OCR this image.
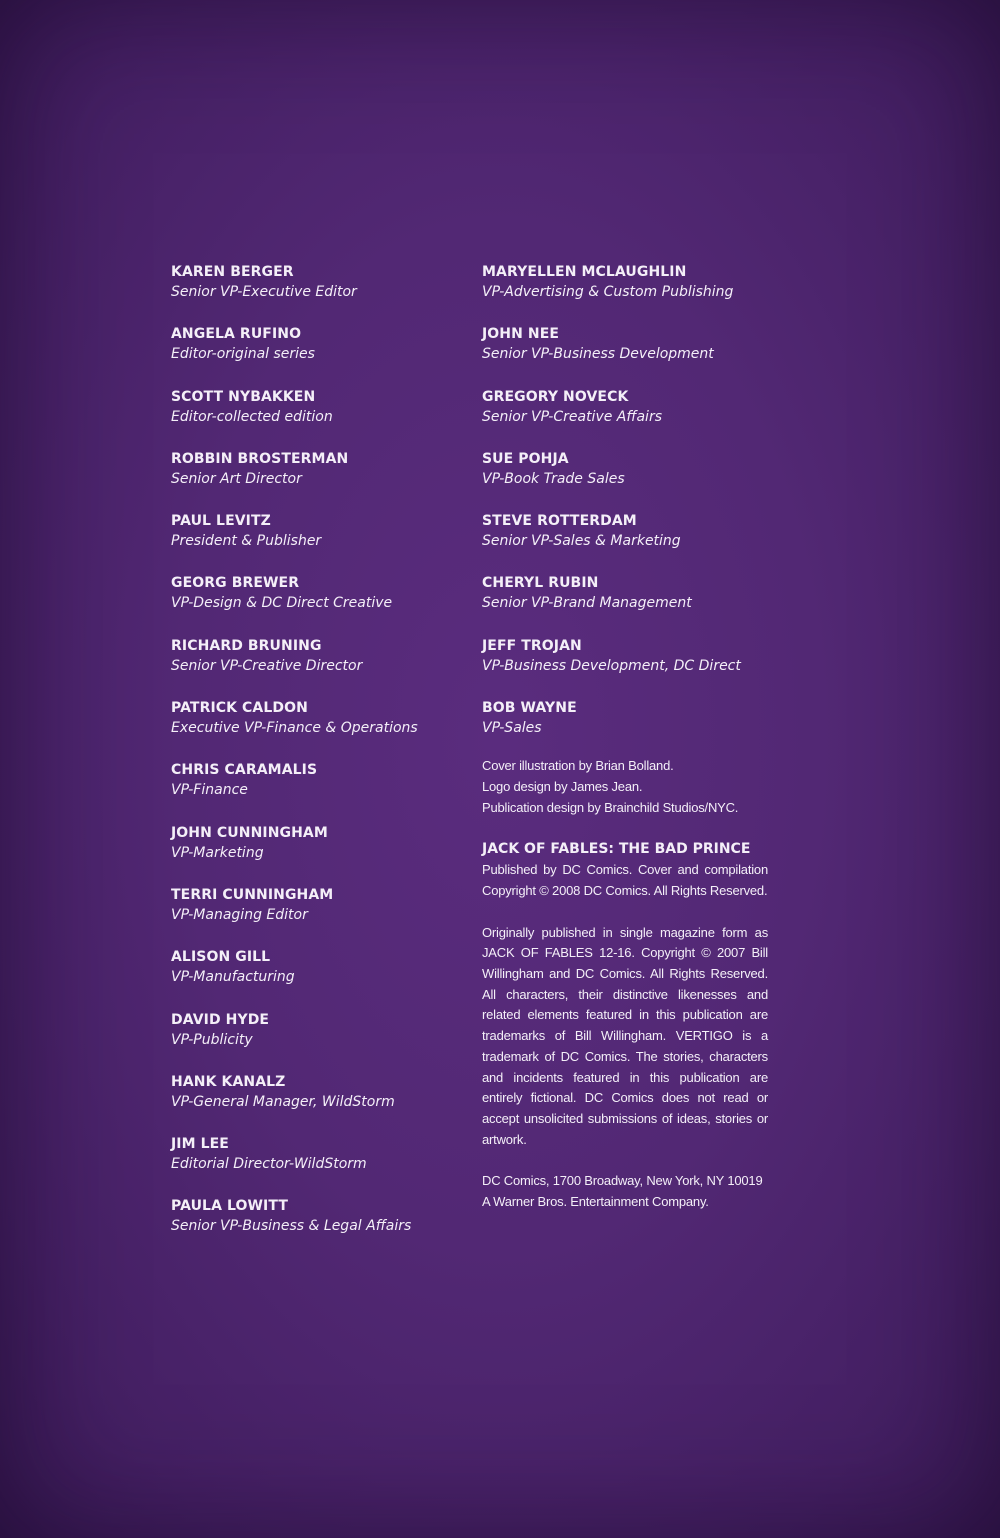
KAREN BERGER
Senior VP-Executive Editor
ANGELA RUFINO
Editor-original series
SCOTT NYBAKKEN
Editor-collected edition
ROBBIN BROSTERMAN
Senior Art Director
PAUL LEVITZ
President & Publisher
GEORG BREWER
VP-Design & DC Direct Creative
RICHARD BRUNING
Senior VP-Creative Director
PATRICK CALDON
Executive VP-Finance & Operations
CHRIS CARAMALIS
VP-Finance
JOHN CUNNINGHAM
VP-Marketing
TERRI CUNNINGHAM
VP-Managing Editor
ALISON GILL
VP-Manufacturing
DAVID HYDE
VP-Publicity
HANK KANALZ
VP-General Manager, WildStorm
JIM LEE
Editorial Director-WildStorm
PAULA LOWITT
Senior VP-Business & Legal Affairs
MARYELLEN MCLAUGHLIN
VP-Advertising & Custom Publishing
JOHN NEE
Senior VP-Business Development
GREGORY NOVECK
Senior VP-Creative Affairs
SUE POHJA
VP-Book Trade Sales
STEVE ROTTERDAM
Senior VP-Sales & Marketing
CHERYL RUBIN
Senior VP-Brand Management
JEFF TROJAN
VP-Business Development, DC Direct
BOB WAYNE
VP-Sales
Cover illustration by Brian Bolland.
Logo design by James Jean.
Publication design by Brainchild Studios/NYC.
JACK OF FABLES: THE BAD PRINCE
Published by DC Comics. Cover and compilation Copyright © 2008 DC Comics. All Rights Reserved.
Originally published in single magazine form as JACK OF FABLES 12-16. Copyright © 2007 Bill Willingham and DC Comics. All Rights Reserved. All characters, their distinctive likenesses and related elements featured in this publication are trademarks of Bill Willingham. VERTIGO is a trademark of DC Comics. The stories, characters and incidents featured in this publication are entirely fictional. DC Comics does not read or accept unsolicited submissions of ideas, stories or artwork.
DC Comics, 1700 Broadway, New York, NY 10019
A Warner Bros. Entertainment Company.
